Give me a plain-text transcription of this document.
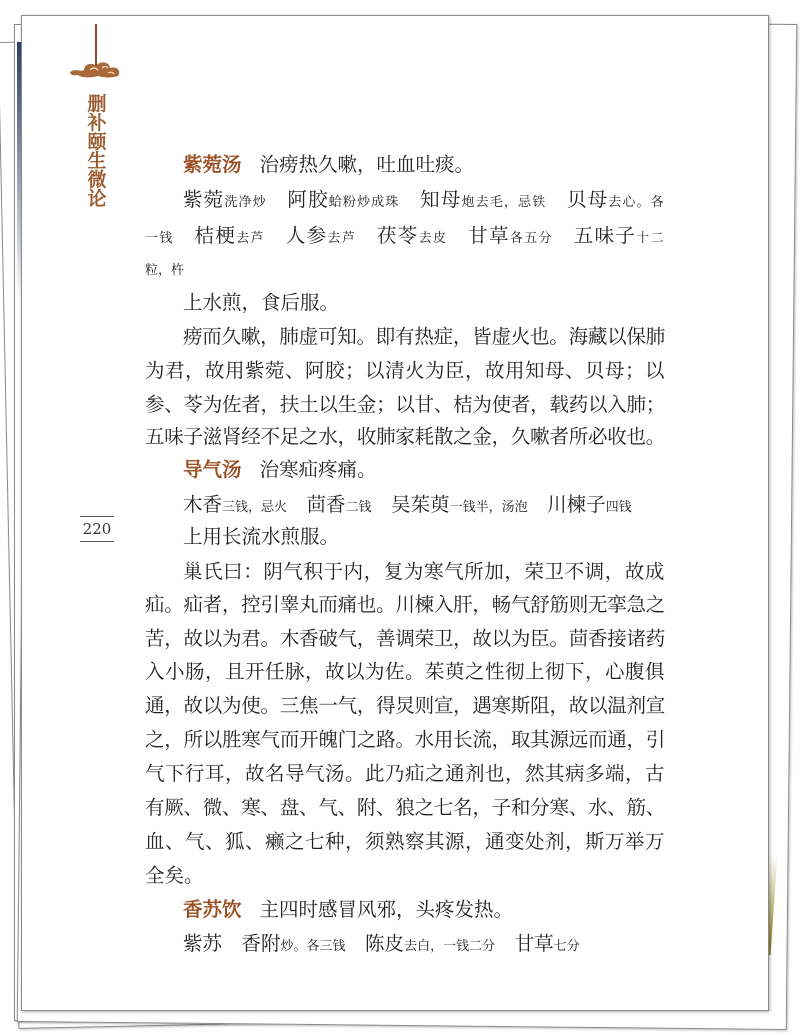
删
补
颐
生
微
论
220
紫菀汤 治痨热久嗽，吐血吐痰。
紫菀洗净炒　阿胶蛤粉炒成珠　知母炮去毛，忌铁　贝母去心。各
一钱　桔梗去芦　人参去芦　茯苓去皮　甘草各五分　五味子十二
粒，杵
上水煎，食后服。
痨而久嗽，肺虚可知。即有热症，皆虚火也。海藏以保肺
为君，故用紫菀、阿胶；以清火为臣，故用知母、贝母；以
参、苓为佐者，扶土以生金；以甘、桔为使者，载药以入肺；
五味子滋肾经不足之水，收肺家耗散之金，久嗽者所必收也。
导气汤 治寒疝疼痛。
木香三钱，忌火　茴香二钱　吴茱萸一钱半，汤泡　川楝子四钱
上用长流水煎服。
巢氏曰：阴气积于内，复为寒气所加，荣卫不调，故成
疝。疝者，控引睾丸而痛也。川楝入肝，畅气舒筋则无挛急之
苦，故以为君。木香破气，善调荣卫，故以为臣。茴香接诸药
入小肠，且开任脉，故以为佐。茱萸之性彻上彻下，心腹俱
通，故以为使。三焦一气，得炅则宣，遇寒斯阻，故以温剂宣
之，所以胜寒气而开魄门之路。水用长流，取其源远而通，引
气下行耳，故名导气汤。此乃疝之通剂也，然其病多端，古
有厥、微、寒、盘、气、附、狼之七名，子和分寒、水、筋、
血、气、狐、癞之七种，须熟察其源，通变处剂，斯万举万
全矣。
香苏饮 主四时感冒风邪，头疼发热。
紫苏　香附炒。各三钱　陈皮去白，一钱二分　甘草七分
